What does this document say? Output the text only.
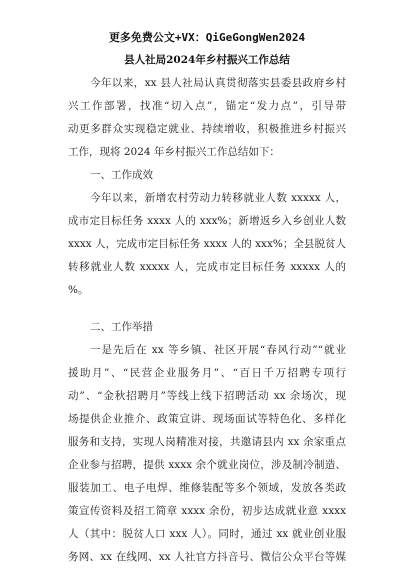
更多免费公文+VX：QiGeGongWen2024
县人社局2024年乡村振兴工作总结
今年以来，xx 县人社局认真贯彻落实县委县政府乡村
兴工作部署，找准“切入点”，锚定“发力点”，引导带
动更多群众实现稳定就业、持续增收，积极推进乡村振兴
工作，现将 2024 年乡村振兴工作总结如下：
一、工作成效
今年以来，新增农村劳动力转移就业人数 xxxxx 人，
成市定目标任务 xxxx 人的 xxx%；新增返乡入乡创业人数
xxxx 人，完成市定目标任务 xxxx 人的 xxx%；全县脱贫人
转移就业人数 xxxxx 人，完成市定目标任务 xxxxx 人的
%。
二、工作举措
一是先后在 xx 等乡镇、社区开展“春风行动”“就业
援助月”、“民营企业服务月”、“百日千万招聘专项行
动”、“金秋招聘月”等线上线下招聘活动 xx 余场次，现
场提供企业推介、政策宣讲、现场面试等特色化、多样化
服务和支持，实现人岗精准对接，共邀请县内 xx 余家重点
企业参与招聘，提供 xxxx 余个就业岗位，涉及制冷制造、
服装加工、电子电焊、维修装配等多个领域，发放各类政
策宣传资料及招工简章 xxxx 余份，初步达成就业意 xxxx
人（其中：脱贫人口 xxx 人）。同时，通过 xx 就业创业服
务网、xx 在线网、xx 人社官方抖音号、微信公众平台等媒
